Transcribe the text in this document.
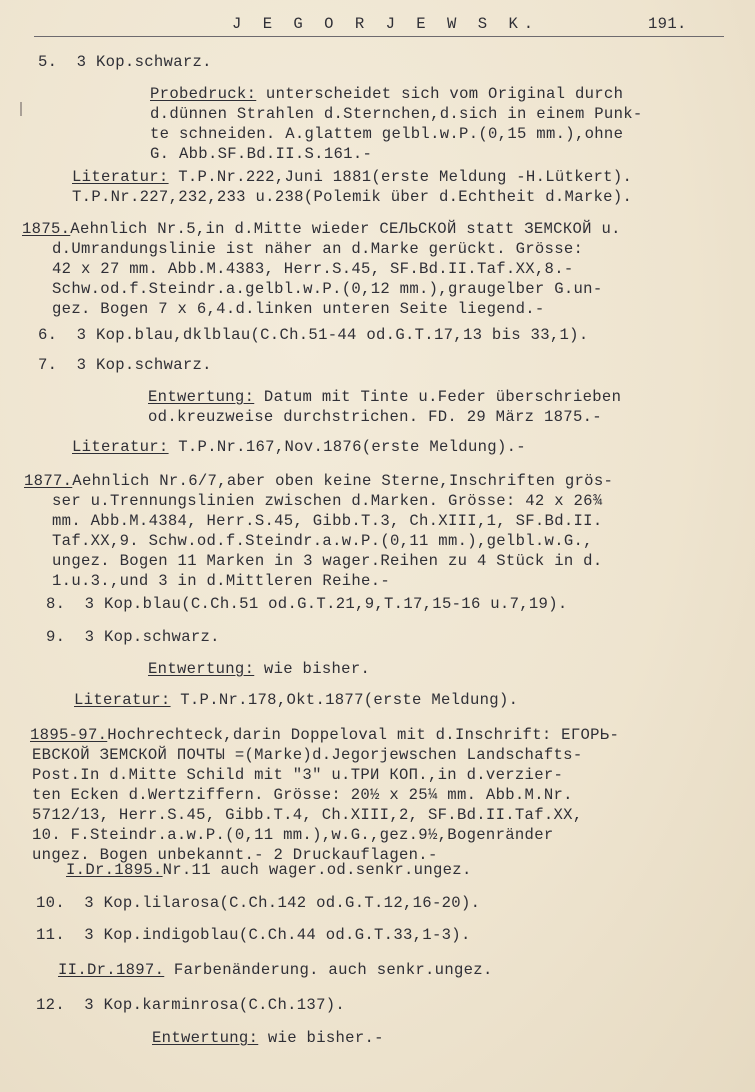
J E G O R J E W S K.	191.
5.  3 Kop.schwarz.
Probedruck: unterscheidet sich vom Original durch
d.dünnen Strahlen d.Sternchen,d.sich in einem Punk-
te schneiden. A.glattem gelbl.w.P.(0,15 mm.),ohne
G. Abb.SF.Bd.II.S.161.-
Literatur: T.P.Nr.222,Juni 1881(erste Meldung -H.Lütkert).
T.P.Nr.227,232,233 u.238(Polemik über d.Echtheit d.Marke).
1875.Aehnlich Nr.5,in d.Mitte wieder СЕЛЬСКОЙ statt ЗЕМСКОЙ u.
d.Umrandungslinie ist näher an d.Marke gerückt. Grösse:
42 x 27 mm. Abb.M.4383, Herr.S.45, SF.Bd.II.Taf.XX,8.-
Schw.od.f.Steindr.a.gelbl.w.P.(0,12 mm.),graugelber G.un-
gez. Bogen 7 x 6,4.d.linken unteren Seite liegend.-
6.  3 Kop.blau,dklblau(C.Ch.51-44 od.G.T.17,13 bis 33,1).
7.  3 Kop.schwarz.
Entwertung: Datum mit Tinte u.Feder überschrieben
od.kreuzweise durchstrichen. FD. 29 März 1875.-
Literatur: T.P.Nr.167,Nov.1876(erste Meldung).-
1877.Aehnlich Nr.6/7,aber oben keine Sterne,Inschriften grös-
ser u.Trennungslinien zwischen d.Marken. Grösse: 42 x 26¾
mm. Abb.M.4384, Herr.S.45, Gibb.T.3, Ch.XIII,1, SF.Bd.II.
Taf.XX,9. Schw.od.f.Steindr.a.w.P.(0,11 mm.),gelbl.w.G.,
ungez. Bogen 11 Marken in 3 wager.Reihen zu 4 Stück in d.
1.u.3.,und 3 in d.Mittleren Reihe.-
8.  3 Kop.blau(C.Ch.51 od.G.T.21,9,T.17,15-16 u.7,19).
9.  3 Kop.schwarz.
Entwertung: wie bisher.
Literatur: T.P.Nr.178,Okt.1877(erste Meldung).
1895-97.Hochrechteck,darin Doppeloval mit d.Inschrift: ЕГОРЬ-
ЕВСКОЙ ЗЕМСКОЙ ПОЧТЫ =(Marke)d.Jegorjewschen Landschafts-
Post.In d.Mitte Schild mit "3" u.ТРИ КОП.,in d.verzier-
ten Ecken d.Wertziffern. Grösse: 20½ x 25¼ mm. Abb.M.Nr.
5712/13, Herr.S.45, Gibb.T.4, Ch.XIII,2, SF.Bd.II.Taf.XX,
10. F.Steindr.a.w.P.(0,11 mm.),w.G.,gez.9½,Bogenränder
ungez. Bogen unbekannt.- 2 Druckauflagen.-
I.Dr.1895.Nr.11 auch wager.od.senkr.ungez.
10.  3 Kop.lilarosa(C.Ch.142 od.G.T.12,16-20).
11.  3 Kop.indigoblau(C.Ch.44 od.G.T.33,1-3).
II.Dr.1897. Farbenänderung. auch senkr.ungez.
12.  3 Kop.karminrosa(C.Ch.137).
Entwertung: wie bisher.-
